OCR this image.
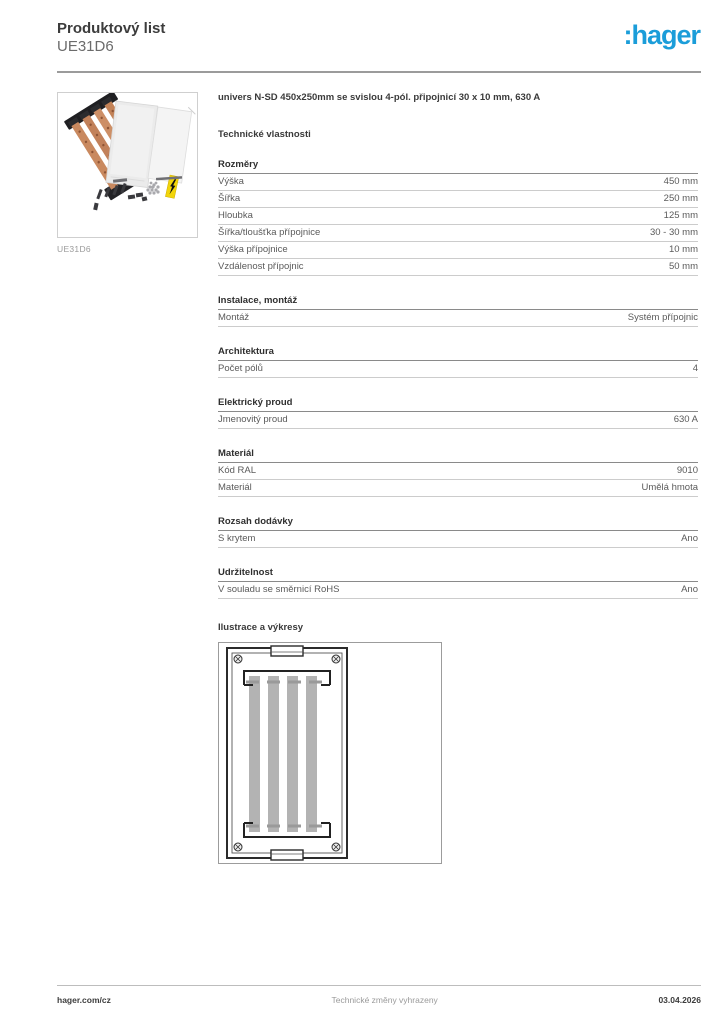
Produktový list
UE31D6	:hager
UE31D6
univers N-SD 450x250mm se svislou 4-pól. připojnicí 30 x 10 mm, 630 A
Technické vlastnosti
Rozměry
Výška	450 mm
Šířka	250 mm
Hloubka	125 mm
Šířka/tloušťka přípojnice	30 - 30 mm
Výška přípojnice	10 mm
Vzdálenost přípojnic	50 mm
Instalace, montáž
Montáž	Systém přípojnic
Architektura
Počet pólů	4
Elektrický proud
Jmenovitý proud	630 A
Materiál
Kód RAL	9010
Materiál	Umělá hmota
Rozsah dodávky
S krytem	Ano
Udržitelnost
V souladu se směrnicí RoHS	Ano
Ilustrace a výkresy
hager.com/cz	Technické změny vyhrazeny	03.04.2026
